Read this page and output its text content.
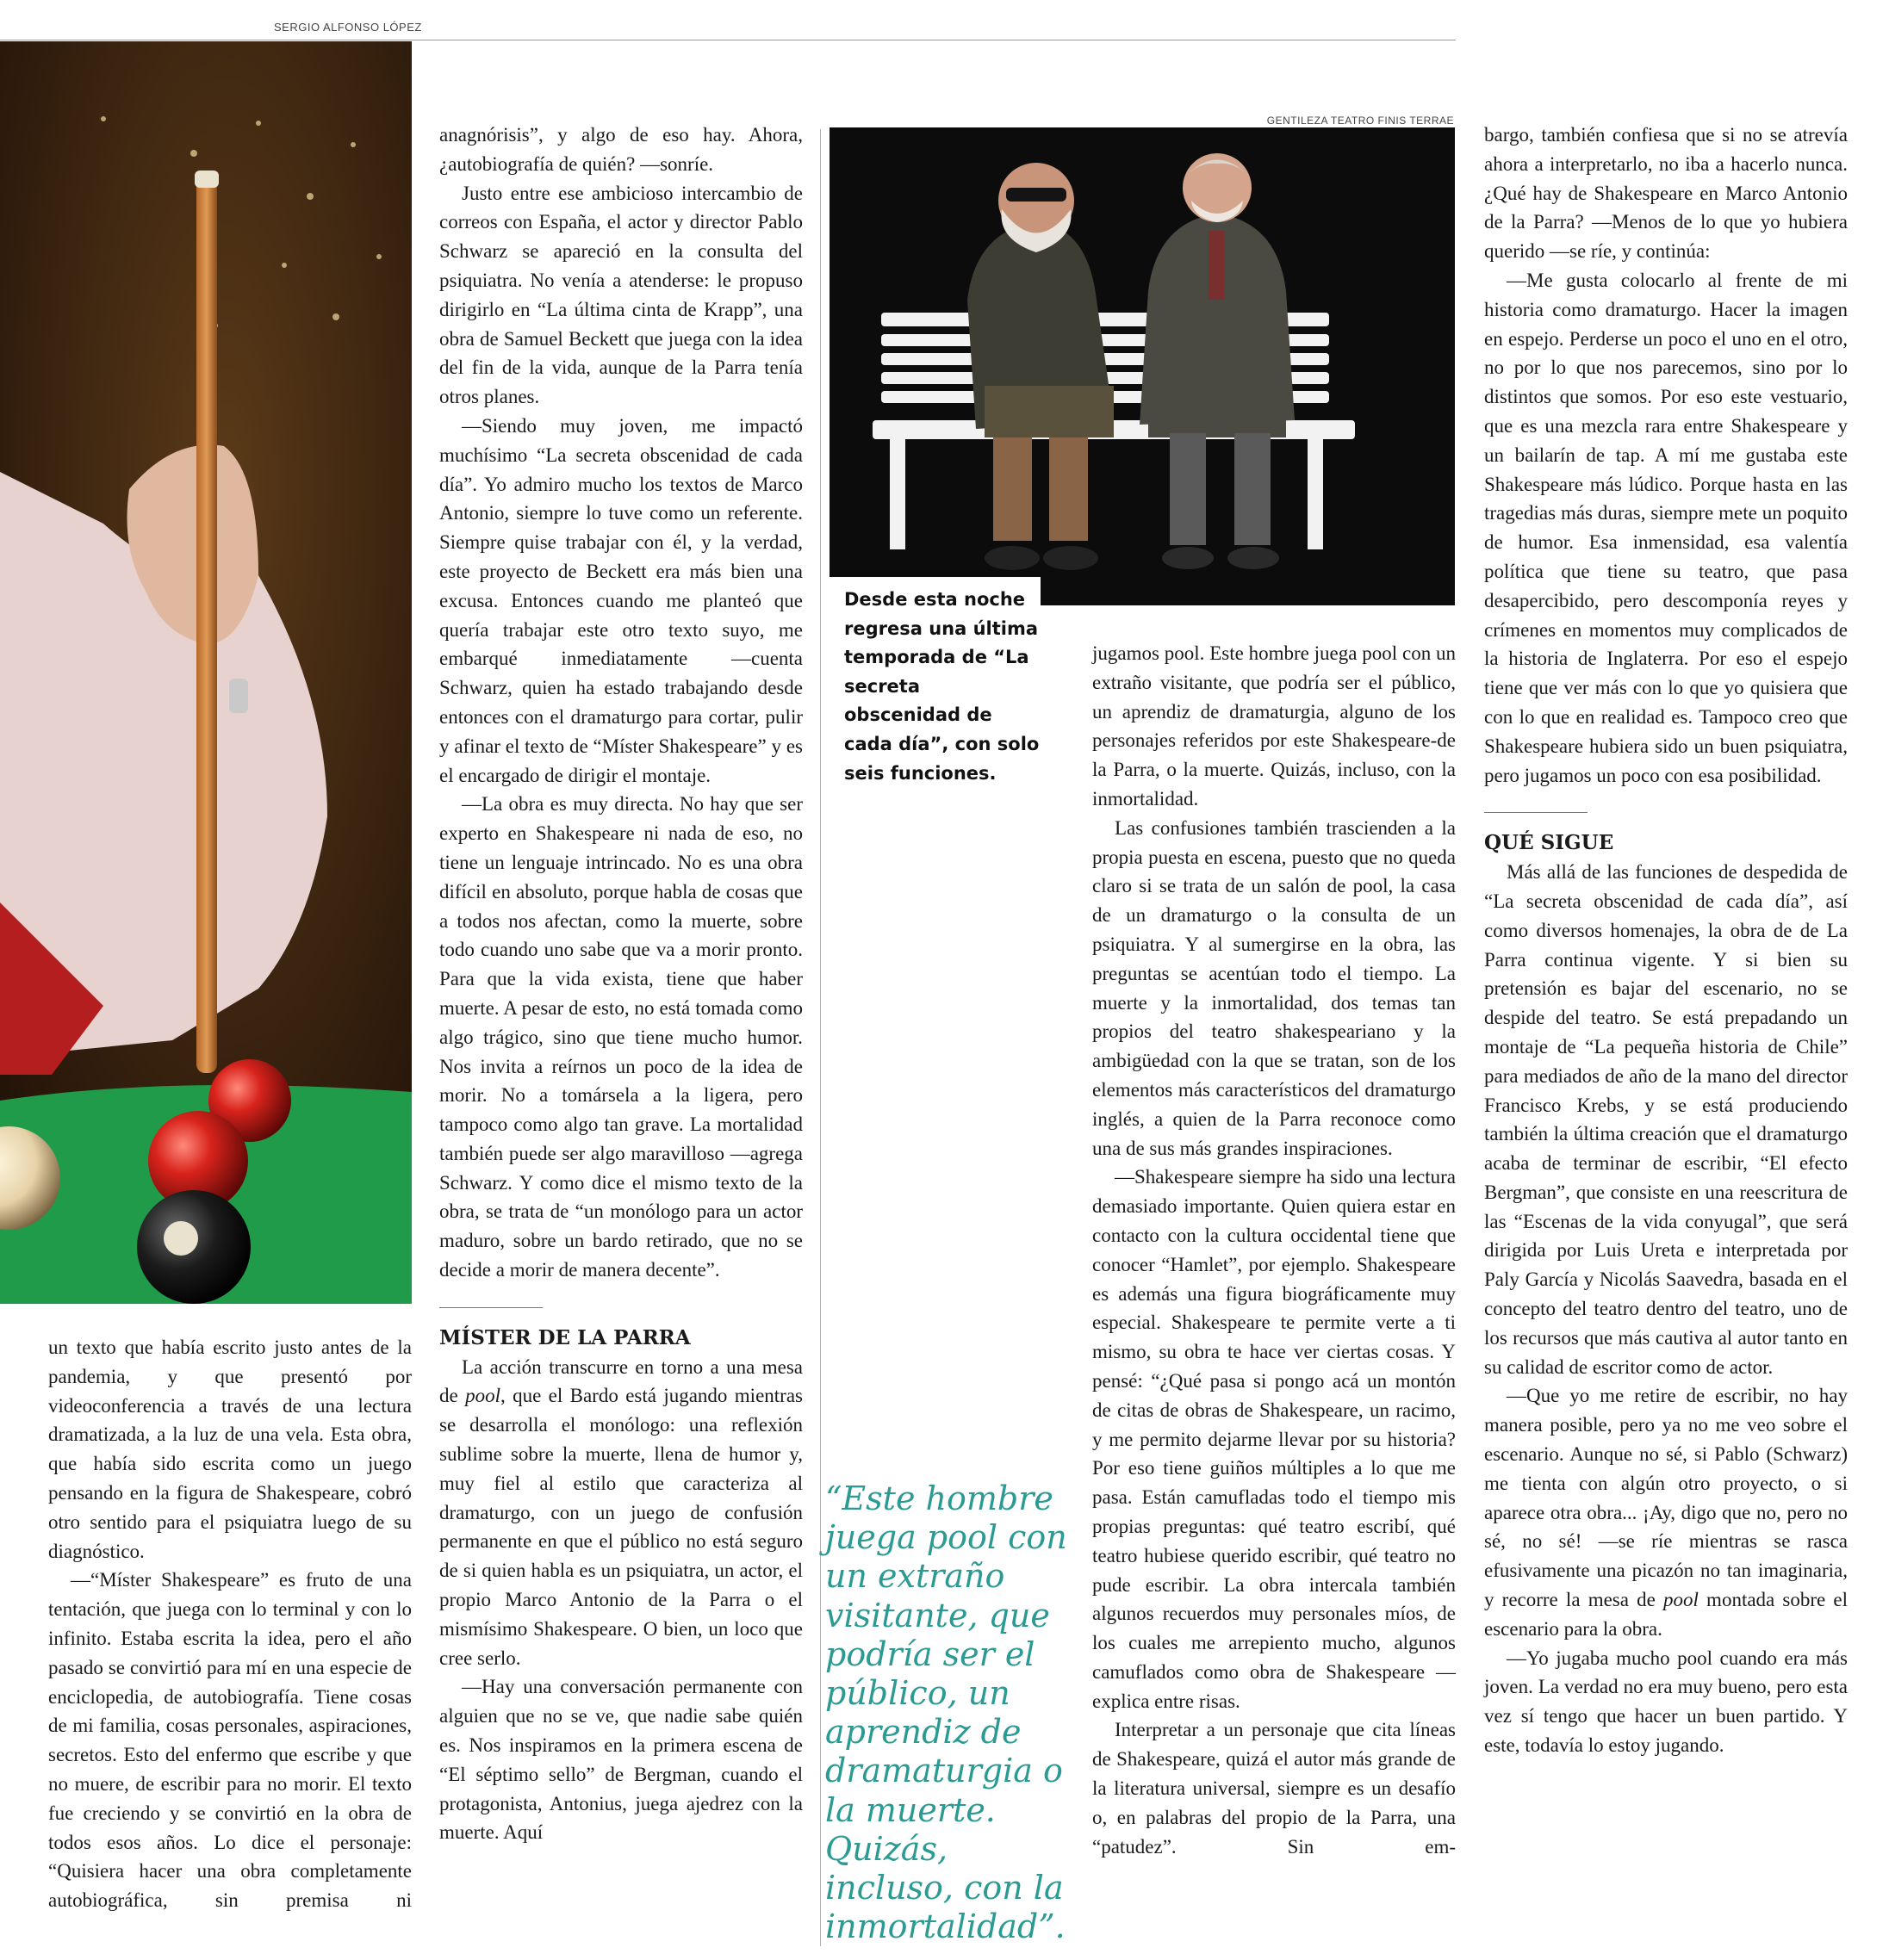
SERGIO ALFONSO LÓPEZ

anagnórisis”, y algo de eso hay. Ahora, ¿autobiografía de quién? —sonríe.

Justo entre ese ambicioso intercambio de correos con España, el actor y director Pablo Schwarz se apareció en la consulta del psiquiatra. No venía a atenderse: le propuso dirigirlo en “La última cinta de Krapp”, una obra de Samuel Beckett que juega con la idea del fin de la vida, aunque de la Parra tenía otros planes.

—Siendo muy joven, me impactó muchísimo “La secreta obscenidad de cada día”. Yo admiro mucho los textos de Marco Antonio, siempre lo tuve como un referente. Siempre quise trabajar con él, y la verdad, este proyecto de Beckett era más bien una excusa. Entonces cuando me planteó que quería trabajar este otro texto suyo, me embarqué inmediatamente —cuenta Schwarz, quien ha estado trabajando desde entonces con el dramaturgo para cortar, pulir y afinar el texto de “Míster Shakespeare” y es el encargado de dirigir el montaje.

—La obra es muy directa. No hay que ser experto en Shakespeare ni nada de eso, no tiene un lenguaje intrincado. No es una obra difícil en absoluto, porque habla de cosas que a todos nos afectan, como la muerte, sobre todo cuando uno sabe que va a morir pronto. Para que la vida exista, tiene que haber muerte. A pesar de esto, no está tomada como algo trágico, sino que tiene mucho humor. Nos invita a reírnos un poco de la idea de morir. No a tomársela a la ligera, pero tampoco como algo tan grave. La mortalidad también puede ser algo maravilloso —agrega Schwarz. Y como dice el mismo texto de la obra, se trata de “un monólogo para un actor maduro, sobre un bardo retirado, que no se decide a morir de manera decente”.

MÍSTER DE LA PARRA

La acción transcurre en torno a una mesa de pool, que el Bardo está jugando mientras se desarrolla el monólogo: una reflexión sublime sobre la muerte, llena de humor y, muy fiel al estilo que caracteriza al dramaturgo, con un juego de confusión permanente en que el público no está seguro de si quien habla es un psiquiatra, un actor, el propio Marco Antonio de la Parra o el mismísimo Shakespeare. O bien, un loco que cree serlo.

—Hay una conversación permanente con alguien que no se ve, que nadie sabe quién es. Nos inspiramos en la primera escena de “El séptimo sello” de Bergman, cuando el protagonista, Antonius, juega ajedrez con la muerte. Aquí

GENTILEZA TEATRO FINIS TERRAE
Desde esta noche regresa una última temporada de “La secreta obscenidad de cada día”, con solo seis funciones.
“Este hombre juega pool con un extraño visitante, que podría ser el público, un aprendiz de dramaturgia o la muerte. Quizás, incluso, con la inmortalidad”.

jugamos pool. Este hombre juega pool con un extraño visitante, que podría ser el público, un aprendiz de dramaturgia, alguno de los personajes referidos por este Shakespeare-de la Parra, o la muerte. Quizás, incluso, con la inmortalidad.

Las confusiones también trascienden a la propia puesta en escena, puesto que no queda claro si se trata de un salón de pool, la casa de un dramaturgo o la consulta de un psiquiatra. Y al sumergirse en la obra, las preguntas se acentúan todo el tiempo. La muerte y la inmortalidad, dos temas tan propios del teatro shakespeariano y la ambigüedad con la que se tratan, son de los elementos más característicos del dramaturgo inglés, a quien de la Parra reconoce como una de sus más grandes inspiraciones.

—Shakespeare siempre ha sido una lectura demasiado importante. Quien quiera estar en contacto con la cultura occidental tiene que conocer “Hamlet”, por ejemplo. Shakespeare es además una figura biográficamente muy especial. Shakespeare te permite verte a ti mismo, su obra te hace ver ciertas cosas. Y pensé: “¿Qué pasa si pongo acá un montón de citas de obras de Shakespeare, un racimo, y me permito dejarme llevar por su historia? Por eso tiene guiños múltiples a lo que me pasa. Están camufladas todo el tiempo mis propias preguntas: qué teatro escribí, qué teatro hubiese querido escribir, qué teatro no pude escribir. La obra intercala también algunos recuerdos muy personales míos, de los cuales me arrepiento mucho, algunos camuflados como obra de Shakespeare —explica entre risas.

Interpretar a un personaje que cita líneas de Shakespeare, quizá el autor más grande de la literatura universal, siempre es un desafío o, en palabras del propio de la Parra, una “patudez”. Sin em-

bargo, también confiesa que si no se atrevía ahora a interpretarlo, no iba a hacerlo nunca. ¿Qué hay de Shakespeare en Marco Antonio de la Parra? —Menos de lo que yo hubiera querido —se ríe, y continúa:

—Me gusta colocarlo al frente de mi historia como dramaturgo. Hacer la imagen en espejo. Perderse un poco el uno en el otro, no por lo que nos parecemos, sino por lo distintos que somos. Por eso este vestuario, que es una mezcla rara entre Shakespeare y un bailarín de tap. A mí me gustaba este Shakespeare más lúdico. Porque hasta en las tragedias más duras, siempre mete un poquito de humor. Esa inmensidad, esa valentía política que tiene su teatro, que pasa desapercibido, pero descomponía reyes y crímenes en momentos muy complicados de la historia de Inglaterra. Por eso el espejo tiene que ver más con lo que yo quisiera que con lo que en realidad es. Tampoco creo que Shakespeare hubiera sido un buen psiquiatra, pero jugamos un poco con esa posibilidad.

QUÉ SIGUE

Más allá de las funciones de despedida de “La secreta obscenidad de cada día”, así como diversos homenajes, la obra de de La Parra continua vigente. Y si bien su pretensión es bajar del escenario, no se despide del teatro. Se está prepadando un montaje de “La pequeña historia de Chile” para mediados de año de la mano del director Francisco Krebs, y se está produciendo también la última creación que el dramaturgo acaba de terminar de escribir, “El efecto Bergman”, que consiste en una reescritura de las “Escenas de la vida conyugal”, que será dirigida por Luis Ureta e interpretada por Paly García y Nicolás Saavedra, basada en el concepto del teatro dentro del teatro, uno de los recursos que más cautiva al autor tanto en su calidad de escritor como de actor.

—Que yo me retire de escribir, no hay manera posible, pero ya no me veo sobre el escenario. Aunque no sé, si Pablo (Schwarz) me tienta con algún otro proyecto, o si aparece otra obra... ¡Ay, digo que no, pero no sé, no sé! —se ríe mientras se rasca efusivamente una picazón no tan imaginaria, y recorre la mesa de pool montada sobre el escenario para la obra.

—Yo jugaba mucho pool cuando era más joven. La verdad no era muy bueno, pero esta vez sí tengo que hacer un buen partido. Y este, todavía lo estoy jugando.

un texto que había escrito justo antes de la pandemia, y que presentó por videoconferencia a través de una lectura dramatizada, a la luz de una vela. Esta obra, que había sido escrita como un juego pensando en la figura de Shakespeare, cobró otro sentido para el psiquiatra luego de su diagnóstico.

—“Míster Shakespeare” es fruto de una tentación, que juega con lo terminal y con lo infinito. Estaba escrita la idea, pero el año pasado se convirtió para mí en una especie de enciclopedia, de autobiografía. Tiene cosas de mi familia, cosas personales, aspiraciones, secretos. Esto del enfermo que escribe y que no muere, de escribir para no morir. El texto fue creciendo y se convirtió en la obra de todos esos años. Lo dice el personaje: “Quisiera hacer una obra completamente autobiográfica, sin premisa ni
